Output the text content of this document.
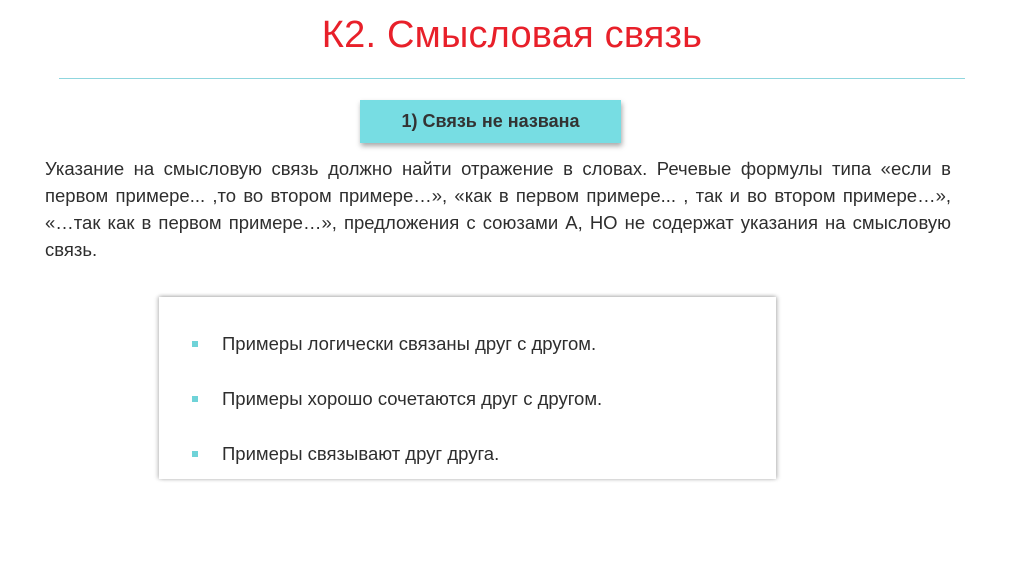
К2. Смысловая связь
1) Связь не названа

Указание на смысловую связь должно найти отражение в словах. Речевые формулы типа «если в первом примере... ,то во втором примере…», «как в первом примере... , так и во втором примере…», «…так как в первом примере…», предложения с союзами А, НО не содержат указания на смысловую связь.

Примеры логически связаны друг с другом.
Примеры хорошо сочетаются друг с другом.
Примеры связывают друг друга.
